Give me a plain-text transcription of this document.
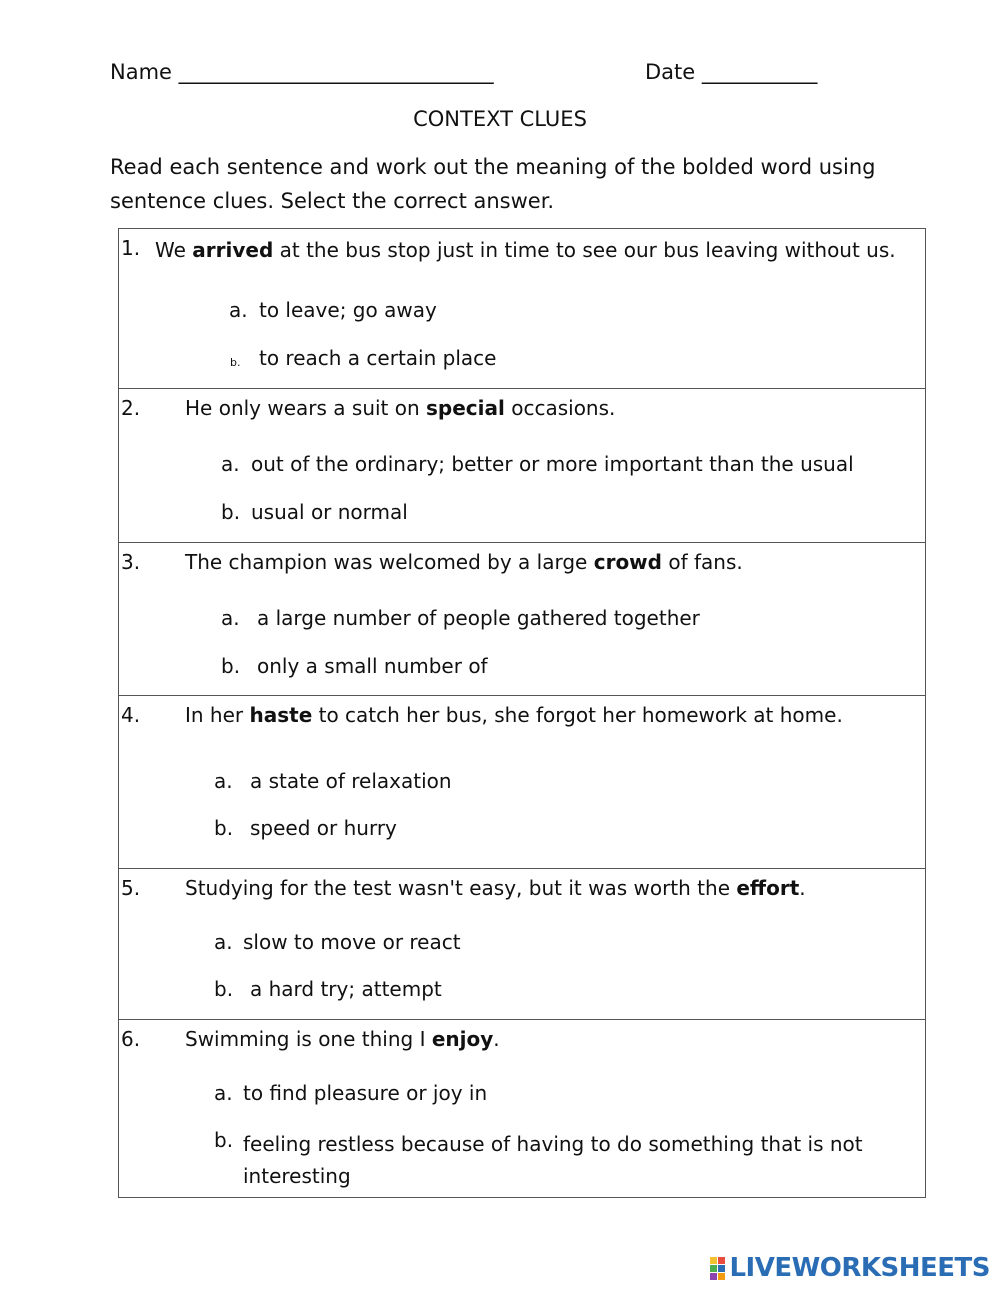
Name ______________________________	Date ___________
CONTEXT CLUES
Read each sentence and work out the meaning of the bolded word using sentence clues. Select the correct answer.
1. We arrived at the bus stop just in time to see our bus leaving without us.
a. to leave; go away
b. to reach a certain place
2. He only wears a suit on special occasions.
a. out of the ordinary; better or more important than the usual
b. usual or normal
3. The champion was welcomed by a large crowd of fans.
a. a large number of people gathered together
b. only a small number of
4. In her haste to catch her bus, she forgot her homework at home.
a. a state of relaxation
b. speed or hurry
5. Studying for the test wasn't easy, but it was worth the effort.
a. slow to move or react
b. a hard try; attempt
6. Swimming is one thing I enjoy.
a. to find pleasure or joy in
b. feeling restless because of having to do something that is not interesting
LIVEWORKSHEETS
